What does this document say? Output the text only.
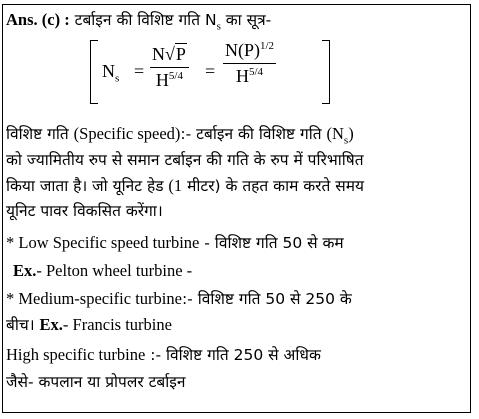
Ans. (c) : टर्बाइन की विशिष्ट गति $N_s$ का सूत्र-
$N_s = \frac{N√P}{H^{5/4}} = \frac{N(P)^{1/2}}{H^{5/4}}$
विशिष्ट गति (Specific speed):- टर्बाइन की विशिष्ट गति $(N_s)$
को ज्यामितीय रुप से समान टर्बाइन की गति के रुप में परिभाषित
किया जाता है। जो यूनिट हेड (1 मीटर) के तहत काम करते समय
यूनिट पावर विकसित करेंगा।
* Low Specific speed turbine - विशिष्ट गति 50 से कम
Ex.- Pelton wheel turbine -
* Medium-specific turbine:- विशिष्ट गति 50 से 250 के
बीच। Ex.- Francis turbine
High specific turbine :- विशिष्ट गति 250 से अधिक
जैसे- कपलान या प्रोपलर टर्बाइन
